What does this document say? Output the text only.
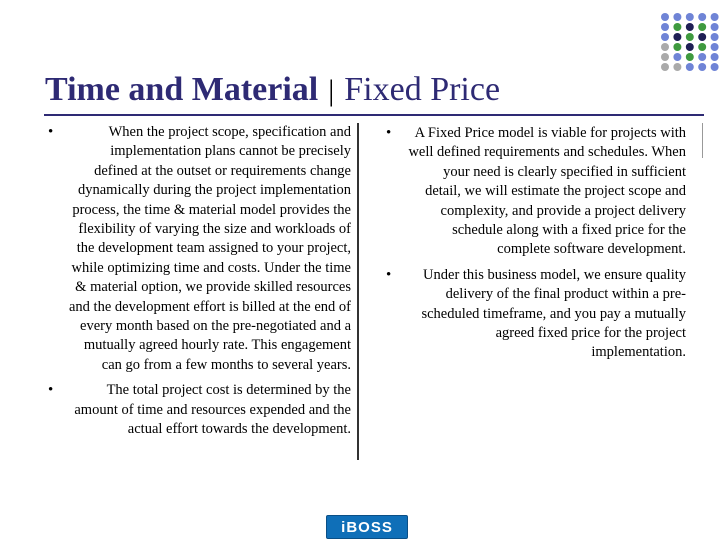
Time and Material | Fixed Price
•	When the project scope, specification and implementation plans cannot be precisely defined at the outset or requirements change dynamically during the project implementation process, the time & material model provides the flexibility of varying the size and workloads of the development team assigned to your project, while optimizing time and costs. Under the time & material option, we provide skilled resources and the development effort is billed at the end of every month based on the pre-negotiated and a mutually agreed hourly rate. This engagement can go from a few months to several years.
•	The total project cost is determined by the amount of time and resources expended and the actual effort towards the development.
• A Fixed Price model is viable for projects with well defined requirements and schedules. When your need is clearly specified in sufficient detail, we will estimate the project scope and complexity, and provide a project delivery schedule along with a fixed price for the complete software development.
• Under this business model, we ensure quality delivery of the final product within a pre-scheduled timeframe, and you pay a mutually agreed fixed price for the project implementation.
iBOSS
